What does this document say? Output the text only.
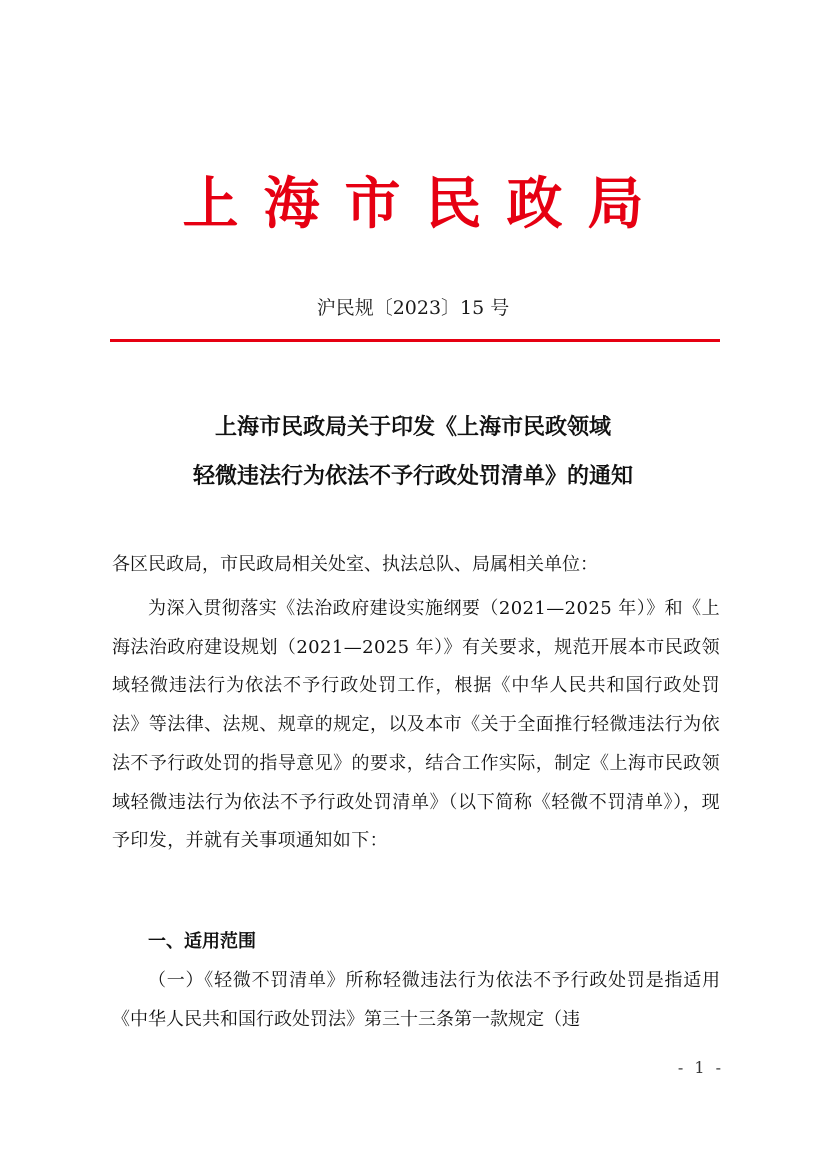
上海市民政局
沪民规〔2023〕15 号
上海市民政局关于印发《上海市民政领域
轻微违法行为依法不予行政处罚清单》的通知
各区民政局，市民政局相关处室、执法总队、局属相关单位：
为深入贯彻落实《法治政府建设实施纲要（2021—2025 年）》和《上海法治政府建设规划（2021—2025 年）》有关要求，规范开展本市民政领域轻微违法行为依法不予行政处罚工作，根据《中华人民共和国行政处罚法》等法律、法规、规章的规定，以及本市《关于全面推行轻微违法行为依法不予行政处罚的指导意见》的要求，结合工作实际，制定《上海市民政领域轻微违法行为依法不予行政处罚清单》（以下简称《轻微不罚清单》），现予印发，并就有关事项通知如下：
一、适用范围
（一）《轻微不罚清单》所称轻微违法行为依法不予行政处罚是指适用《中华人民共和国行政处罚法》第三十三条第一款规定（违
- 1 -
